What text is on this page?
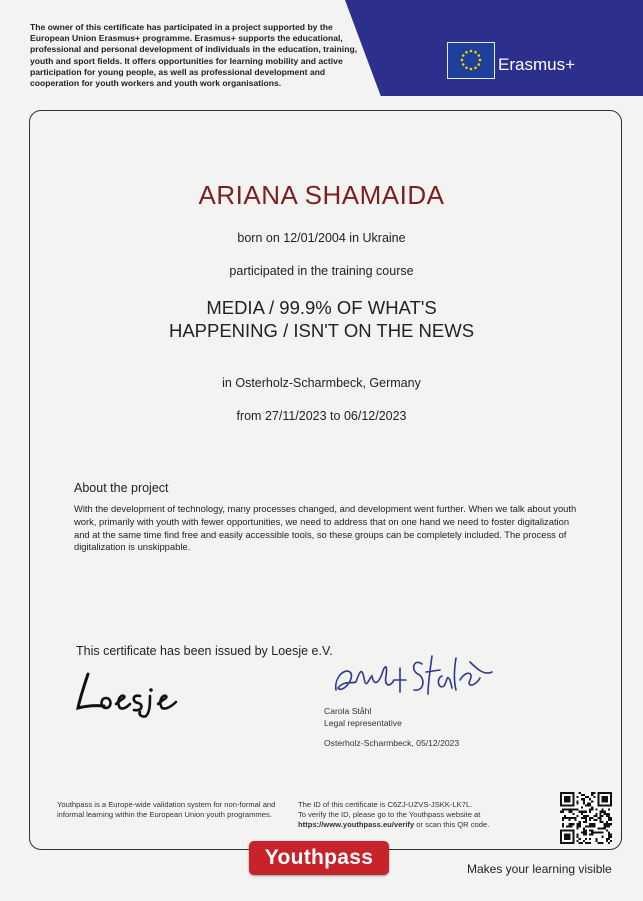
The owner of this certificate has participated in a project supported by the European Union Erasmus+ programme. Erasmus+ supports the educational, professional and personal development of individuals in the education, training, youth and sport fields. It offers opportunities for learning mobility and active participation for young people, as well as professional development and cooperation for youth workers and youth work organisations.
Erasmus+
ARIANA SHAMAIDA
born on 12/01/2004 in Ukraine
participated in the training course
MEDIA / 99.9% OF WHAT'S
HAPPENING / ISN'T ON THE NEWS
in Osterholz-Scharmbeck, Germany
from 27/11/2023 to 06/12/2023
About the project
With the development of technology, many processes changed, and development went further. When we talk about youth work, primarily with youth with fewer opportunities, we need to address that on one hand we need to foster digitalization and at the same time find free and easily accessible tools, so these groups can be completely included. The process of digitalization is unskippable.
This certificate has been issued by Loesje e.V.
Carola Ståhl
Legal representative
Osterholz-Scharmbeck, 05/12/2023
Youthpass is a Europe-wide validation system for non-formal and informal learning within the European Union youth programmes.
The ID of this certificate is C6ZJ-UZVS-JSKK-LK7L.
To verify the ID, please go to the Youthpass website at
https://www.youthpass.eu/verify or scan this QR code.
Youthpass	Makes your learning visible
